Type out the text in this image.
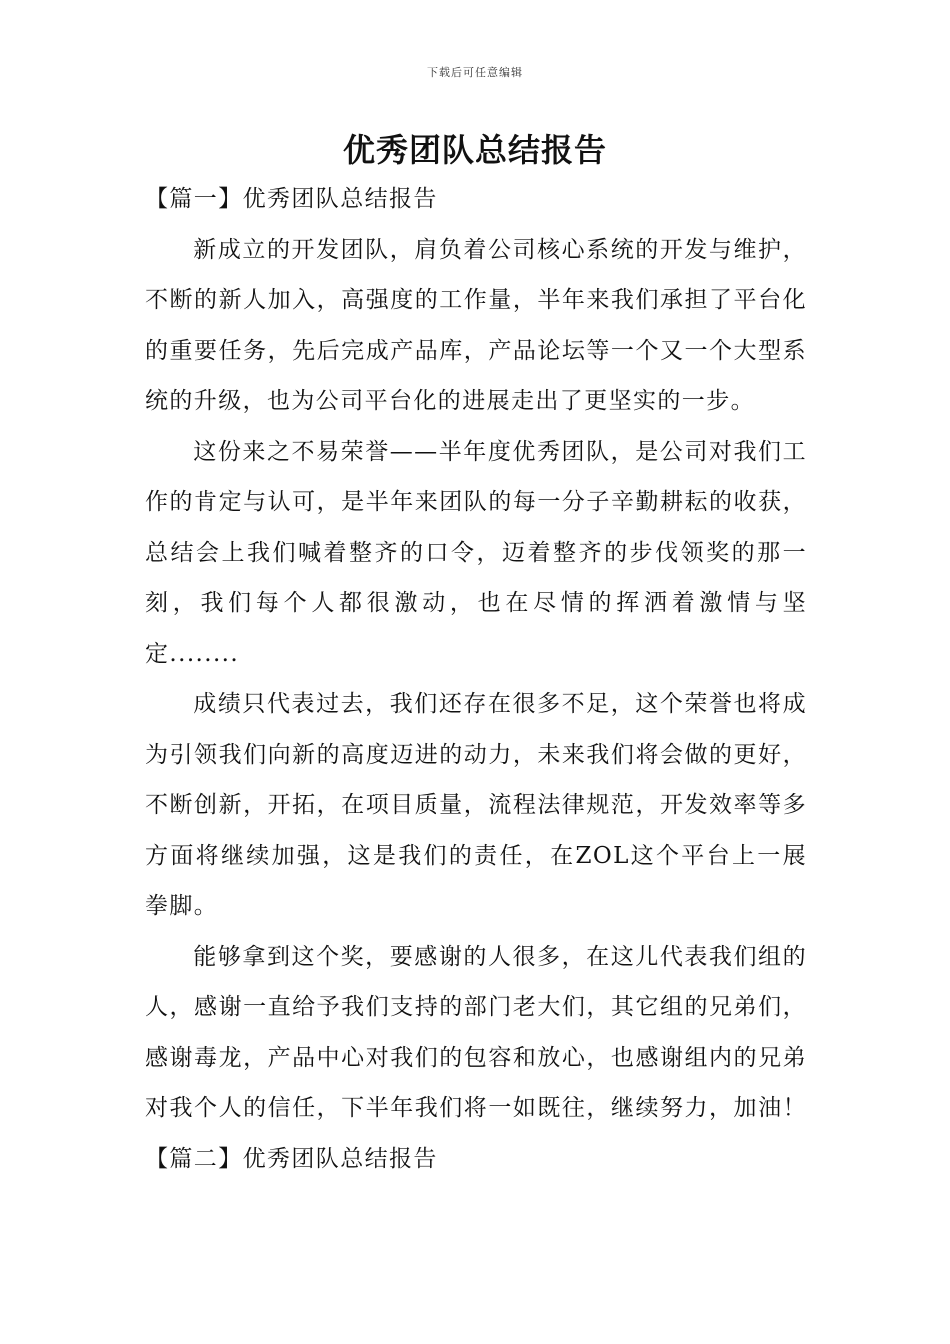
下载后可任意编辑
优秀团队总结报告

【篇一】优秀团队总结报告

新成立的开发团队，肩负着公司核心系统的开发与维护，不断的新人加入，高强度的工作量，半年来我们承担了平台化的重要任务，先后完成产品库，产品论坛等一个又一个大型系统的升级，也为公司平台化的进展走出了更坚实的一步。

这份来之不易荣誉——半年度优秀团队，是公司对我们工作的肯定与认可，是半年来团队的每一分子辛勤耕耘的收获，总结会上我们喊着整齐的口令，迈着整齐的步伐领奖的那一刻，我们每个人都很激动，也在尽情的挥洒着激情与坚定........

成绩只代表过去，我们还存在很多不足，这个荣誉也将成为引领我们向新的高度迈进的动力，未来我们将会做的更好，不断创新，开拓，在项目质量，流程法律规范，开发效率等多方面将继续加强，这是我们的责任，在ZOL这个平台上一展拳脚。

能够拿到这个奖，要感谢的人很多，在这儿代表我们组的人，感谢一直给予我们支持的部门老大们，其它组的兄弟们，感谢毒龙，产品中心对我们的包容和放心，也感谢组内的兄弟对我个人的信任，下半年我们将一如既往，继续努力，加油！【篇二】优秀团队总结报告
